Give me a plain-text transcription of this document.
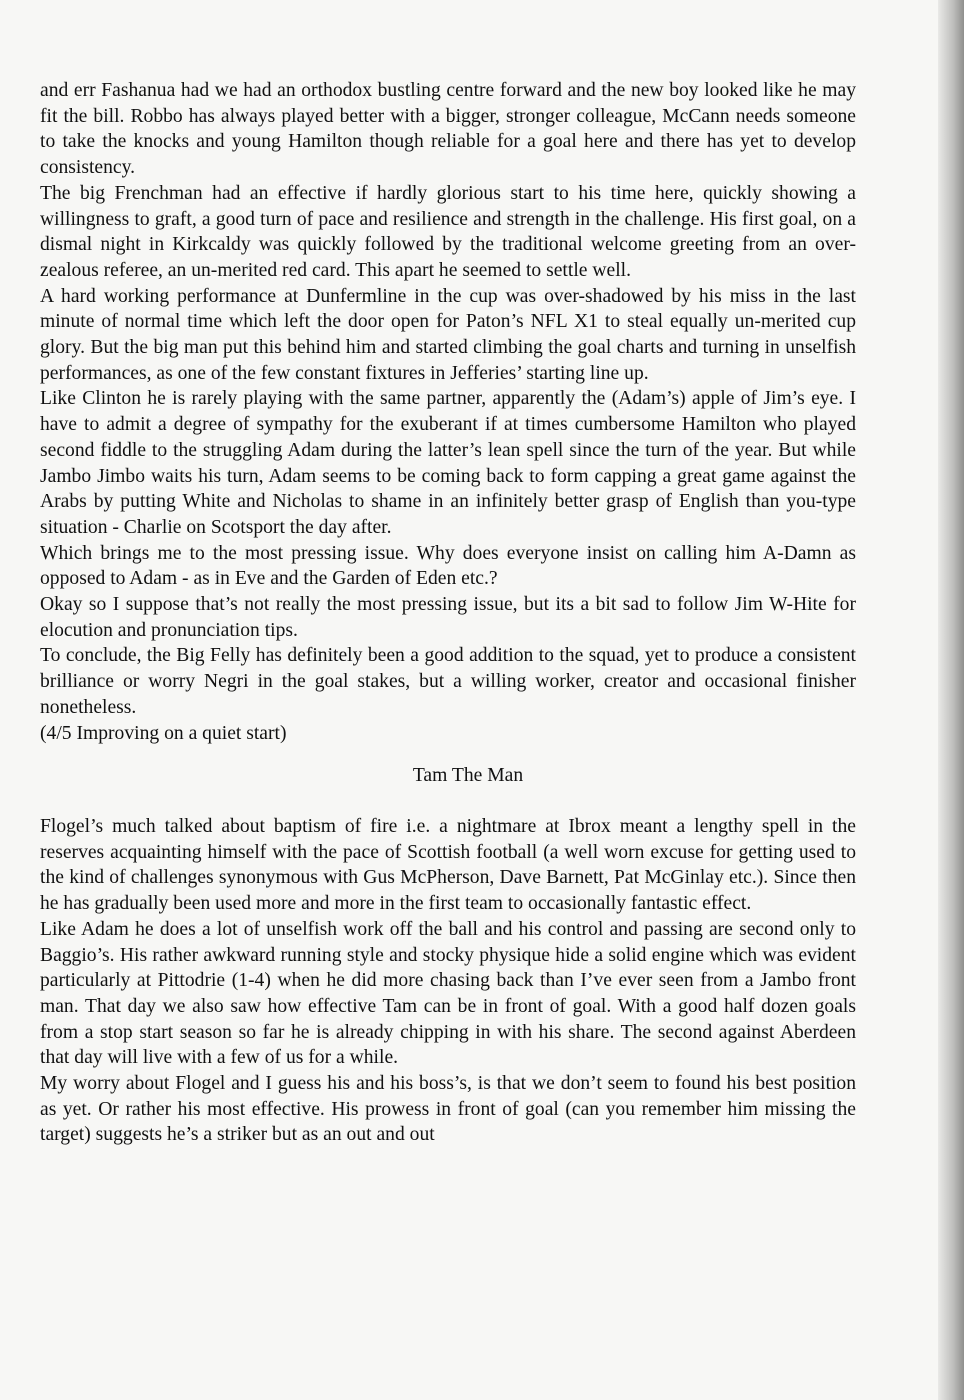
and err Fashanua had we had an orthodox bustling centre forward and the new boy looked like he may fit the bill. Robbo has always played better with a bigger, stronger colleague, McCann needs someone to take the knocks and young Hamilton though reliable for a goal here and there has yet to develop consistency.

The big Frenchman had an effective if hardly glorious start to his time here, quickly showing a willingness to graft, a good turn of pace and resilience and strength in the challenge. His first goal, on a dismal night in Kirkcaldy was quickly followed by the traditional welcome greeting from an over-zealous referee, an un-merited red card. This apart he seemed to settle well.

A hard working performance at Dunfermline in the cup was over-shadowed by his miss in the last minute of normal time which left the door open for Paton’s NFL X1 to steal equally un-merited cup glory. But the big man put this behind him and started climbing the goal charts and turning in unselfish performances, as one of the few constant fixtures in Jefferies’ starting line up.

Like Clinton he is rarely playing with the same partner, apparently the (Adam’s) apple of Jim’s eye. I have to admit a degree of sympathy for the exuberant if at times cumbersome Hamilton who played second fiddle to the struggling Adam during the latter’s lean spell since the turn of the year. But while Jambo Jimbo waits his turn, Adam seems to be coming back to form capping a great game against the Arabs by putting White and Nicholas to shame in an infinitely better grasp of English than you-type situation - Charlie on Scotsport the day after.

Which brings me to the most pressing issue. Why does everyone insist on calling him A-Damn as opposed to Adam - as in Eve and the Garden of Eden etc.?

Okay so I suppose that’s not really the most pressing issue, but its a bit sad to follow Jim W-Hite for elocution and pronunciation tips.

To conclude, the Big Felly has definitely been a good addition to the squad, yet to produce a consistent brilliance or worry Negri in the goal stakes, but a willing worker, creator and occasional finisher nonetheless.

(4/5 Improving on a quiet start)

Tam The Man

Flogel’s much talked about baptism of fire i.e. a nightmare at Ibrox meant a lengthy spell in the reserves acquainting himself with the pace of Scottish football (a well worn excuse for getting used to the kind of challenges synonymous with Gus McPherson, Dave Barnett, Pat McGinlay etc.). Since then he has gradually been used more and more in the first team to occasionally fantastic effect.

Like Adam he does a lot of unselfish work off the ball and his control and passing are second only to Baggio’s. His rather awkward running style and stocky physique hide a solid engine which was evident particularly at Pittodrie (1-4) when he did more chasing back than I’ve ever seen from a Jambo front man. That day we also saw how effective Tam can be in front of goal. With a good half dozen goals from a stop start season so far he is already chipping in with his share. The second against Aberdeen that day will live with a few of us for a while.

My worry about Flogel and I guess his and his boss’s, is that we don’t seem to found his best position as yet. Or rather his most effective. His prowess in front of goal (can you remember him missing the target) suggests he’s a striker but as an out and out
